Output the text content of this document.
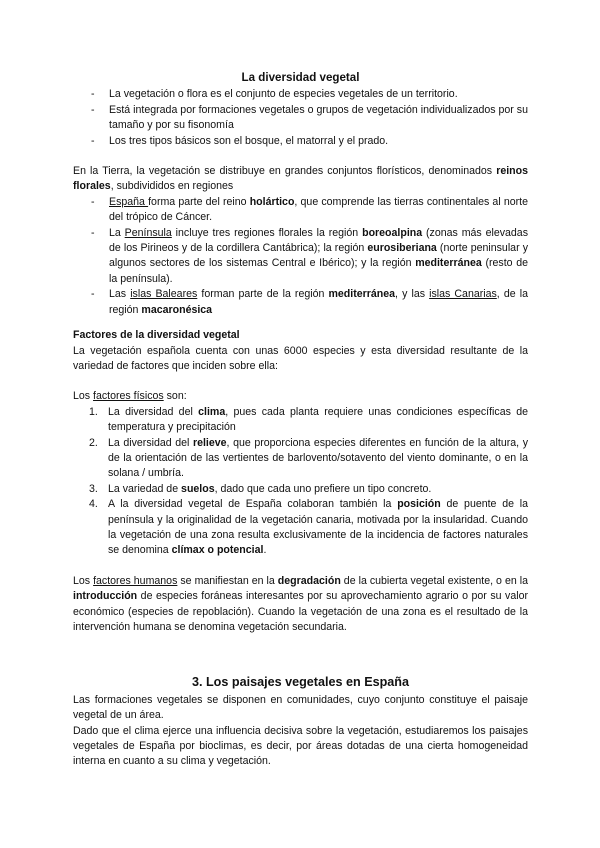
La diversidad vegetal

- La vegetación o flora es el conjunto de especies vegetales de un territorio.
- Está integrada por formaciones vegetales o grupos de vegetación individualizados por su tamaño y por su fisonomía
- Los tres tipos básicos son el bosque, el matorral y el prado.

En la Tierra, la vegetación se distribuye en grandes conjuntos florísticos, denominados reinos florales, subdivididos en regiones

- España forma parte del reino holártico, que comprende las tierras continentales al norte del trópico de Cáncer.
- La Península incluye tres regiones florales la región boreoalpina (zonas más elevadas de los Pirineos y de la cordillera Cantábrica); la región eurosiberiana (norte peninsular y algunos sectores de los sistemas Central e Ibérico); y la región mediterránea (resto de la península).
- Las islas Baleares forman parte de la región mediterránea, y las islas Canarias, de la región macaronésica

Factores de la diversidad vegetal

La vegetación española cuenta con unas 6000 especies y esta diversidad resultante de la variedad de factores que inciden sobre ella:

Los factores físicos son:

1. La diversidad del clima, pues cada planta requiere unas condiciones específicas de temperatura y precipitación
2. La diversidad del relieve, que proporciona especies diferentes en función de la altura, y de la orientación de las vertientes de barlovento/sotavento del viento dominante, o en la solana / umbría.
3. La variedad de suelos, dado que cada uno prefiere un tipo concreto.
4. A la diversidad vegetal de España colaboran también la posición de puente de la península y la originalidad de la vegetación canaria, motivada por la insularidad. Cuando la vegetación de una zona resulta exclusivamente de la incidencia de factores naturales se denomina clímax o potencial.

Los factores humanos se manifiestan en la degradación de la cubierta vegetal existente, o en la introducción de especies foráneas interesantes por su aprovechamiento agrario o por su valor económico (especies de repoblación). Cuando la vegetación de una zona es el resultado de la intervención humana se denomina vegetación secundaria.

3. Los paisajes vegetales en España

Las formaciones vegetales se disponen en comunidades, cuyo conjunto constituye el paisaje vegetal de un área.

Dado que el clima ejerce una influencia decisiva sobre la vegetación, estudiaremos los paisajes vegetales de España por bioclimas, es decir, por áreas dotadas de una cierta homogeneidad interna en cuanto a su clima y vegetación.
